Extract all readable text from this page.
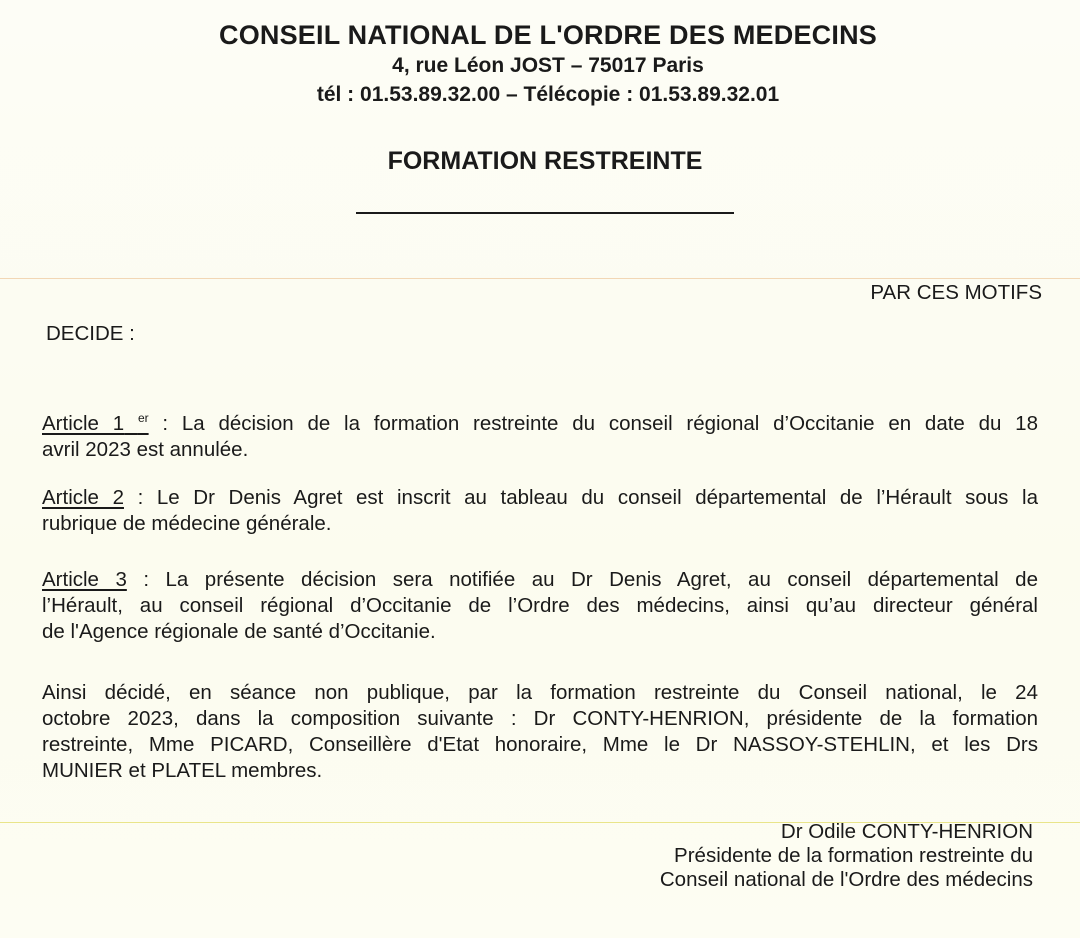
CONSEIL NATIONAL DE L'ORDRE DES MEDECINS
4, rue Léon JOST – 75017 Paris
tél : 01.53.89.32.00 – Télécopie : 01.53.89.32.01
FORMATION RESTREINTE
PAR CES MOTIFS
DECIDE :
Article 1 $^{er}$ : La décision de la formation restreinte du conseil régional d’Occitanie en date du 18
avril 2023 est annulée.
Article 2 : Le Dr Denis Agret est inscrit au tableau du conseil départemental de l’Hérault sous la
rubrique de médecine générale.
Article 3 : La présente décision sera notifiée au Dr Denis Agret, au conseil départemental de
l’Hérault, au conseil régional d’Occitanie de l’Ordre des médecins, ainsi qu’au directeur général
de l'Agence régionale de santé d’Occitanie.
Ainsi décidé, en séance non publique, par la formation restreinte du Conseil national, le 24
octobre 2023, dans la composition suivante : Dr CONTY-HENRION, présidente de la formation
restreinte, Mme PICARD, Conseillère d'Etat honoraire, Mme le Dr NASSOY-STEHLIN, et les Drs
MUNIER et PLATEL membres.
Dr Odile CONTY-HENRION
Présidente de la formation restreinte du
Conseil national de l'Ordre des médecins
